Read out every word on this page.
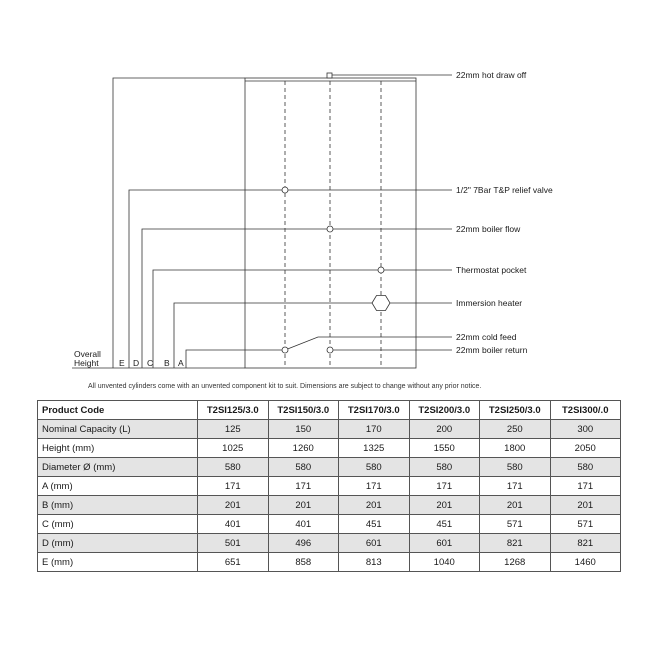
22mm hot draw off
1/2" 7Bar T&P relief valve
22mm boiler flow
Thermostat pocket
Immersion heater
22mm cold feed
22mm boiler return
Overall
Height E D C B A
All unvented cylinders come with an unvented component kit to suit. Dimensions are subject to change without any prior notice.
Product Code	T2SI125/3.0	T2SI150/3.0	T2SI170/3.0	T2SI200/3.0	T2SI250/3.0	T2SI300/.0
Nominal Capacity (L)	125	150	170	200	250	300
Height (mm)	1025	1260	1325	1550	1800	2050
Diameter Ø (mm)	580	580	580	580	580	580
A (mm)	171	171	171	171	171	171
B (mm)	201	201	201	201	201	201
C (mm)	401	401	451	451	571	571
D (mm)	501	496	601	601	821	821
E (mm)	651	858	813	1040	1268	1460
